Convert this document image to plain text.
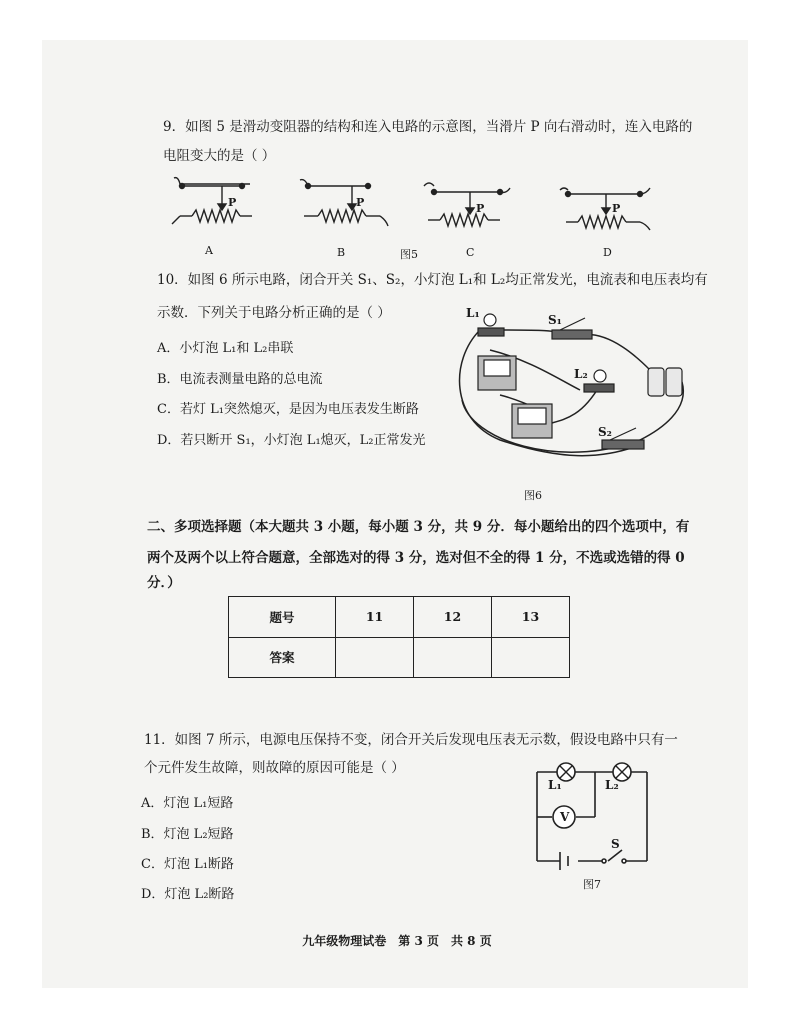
9．如图 5 是滑动变阻器的结构和连入电路的示意图，当滑片 P 向右滑动时，连入电路的
电阻变大的是（ ）
P	P	P	P
A	B	图5	C	D
10．如图 6 所示电路，闭合开关 S₁、S₂，小灯泡 L₁和 L₂均正常发光，电流表和电压表均有
示数．下列关于电路分析正确的是（ ）
A．小灯泡 L₁和 L₂串联
B．电流表测量电路的总电流
C．若灯 L₁突然熄灭，是因为电压表发生断路
D．若只断开 S₁，小灯泡 L₁熄灭，L₂正常发光
L₁	S₁
L₂
S₂
图6
二、多项选择题（本大题共 3 小题，每小题 3 分，共 9 分．每小题给出的四个选项中，有
两个及两个以上符合题意，全部选对的得 3 分，选对但不全的得 1 分，不选或选错的得 0
分．）
题号	11	12	13
答案			
11．如图 7 所示，电源电压保持不变，闭合开关后发现电压表无示数，假设电路中只有一
个元件发生故障，则故障的原因可能是（ ）
A．灯泡 L₁短路
B．灯泡 L₂短路
C．灯泡 L₁断路
D．灯泡 L₂断路
L₁	L₂
V
S
图7
九年级物理试卷　第 3 页　共 8 页
